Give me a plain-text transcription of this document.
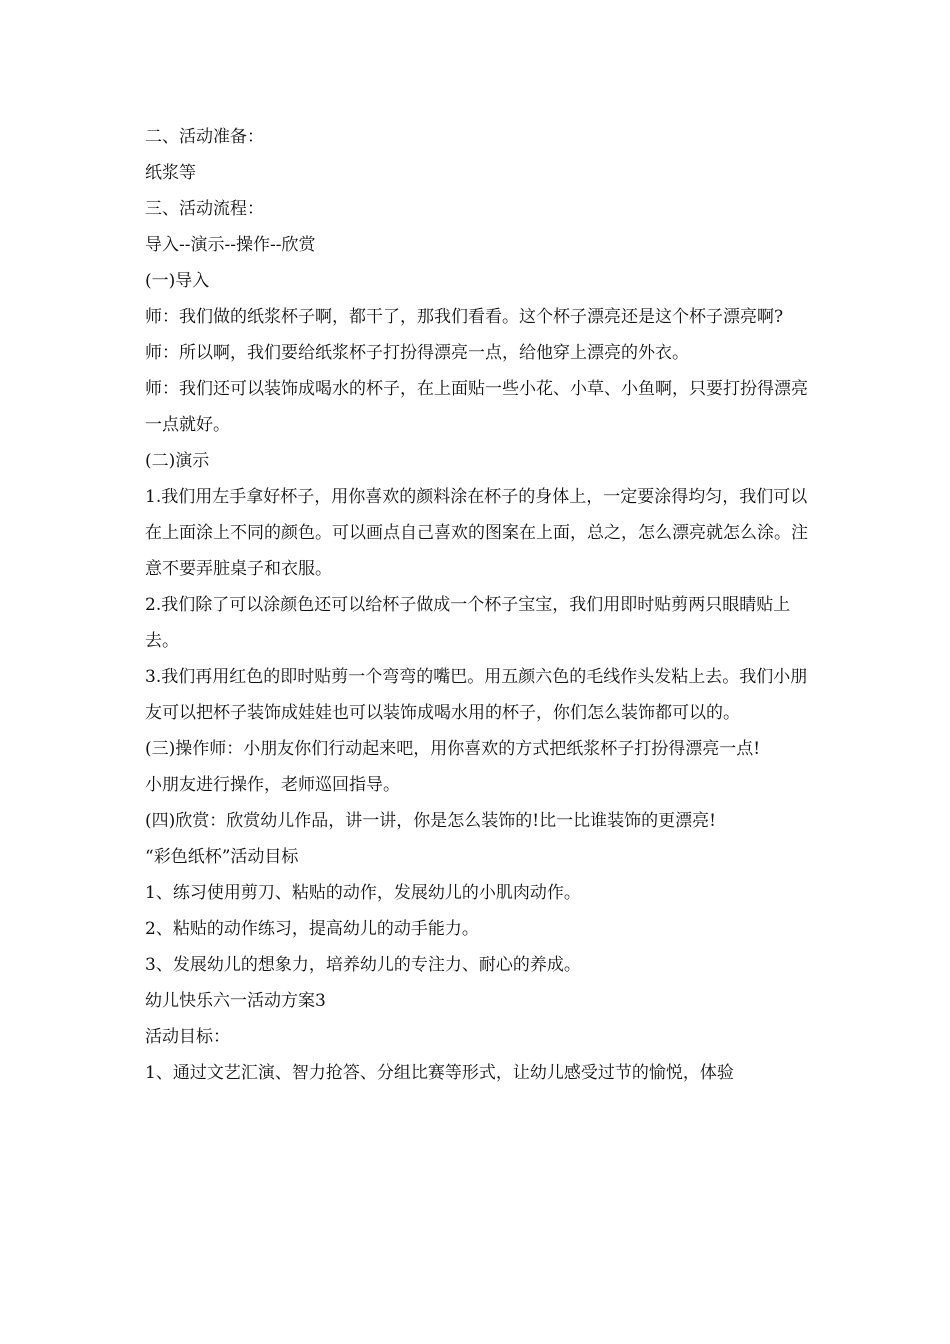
二、活动准备：

纸浆等

三、活动流程：

导入--演示--操作--欣赏

(一)导入

师：我们做的纸浆杯子啊，都干了，那我们看看。这个杯子漂亮还是这个杯子漂亮啊?

师：所以啊，我们要给纸浆杯子打扮得漂亮一点，给他穿上漂亮的外衣。

师：我们还可以装饰成喝水的杯子，在上面贴一些小花、小草、小鱼啊，只要打扮得漂亮一点就好。

(二)演示

1.我们用左手拿好杯子，用你喜欢的颜料涂在杯子的身体上，一定要涂得均匀，我们可以在上面涂上不同的颜色。可以画点自己喜欢的图案在上面，总之，怎么漂亮就怎么涂。注意不要弄脏桌子和衣服。

2.我们除了可以涂颜色还可以给杯子做成一个杯子宝宝，我们用即时贴剪两只眼睛贴上去。

3.我们再用红色的即时贴剪一个弯弯的嘴巴。用五颜六色的毛线作头发粘上去。我们小朋友可以把杯子装饰成娃娃也可以装饰成喝水用的杯子，你们怎么装饰都可以的。

(三)操作师：小朋友你们行动起来吧，用你喜欢的方式把纸浆杯子打扮得漂亮一点!

小朋友进行操作，老师巡回指导。

(四)欣赏：欣赏幼儿作品，讲一讲，你是怎么装饰的!比一比谁装饰的更漂亮!

“彩色纸杯”活动目标

1、练习使用剪刀、粘贴的动作，发展幼儿的小肌肉动作。

2、粘贴的动作练习，提高幼儿的动手能力。

3、发展幼儿的想象力，培养幼儿的专注力、耐心的养成。

幼儿快乐六一活动方案3

活动目标：

1、通过文艺汇演、智力抢答、分组比赛等形式，让幼儿感受过节的愉悦，体验
